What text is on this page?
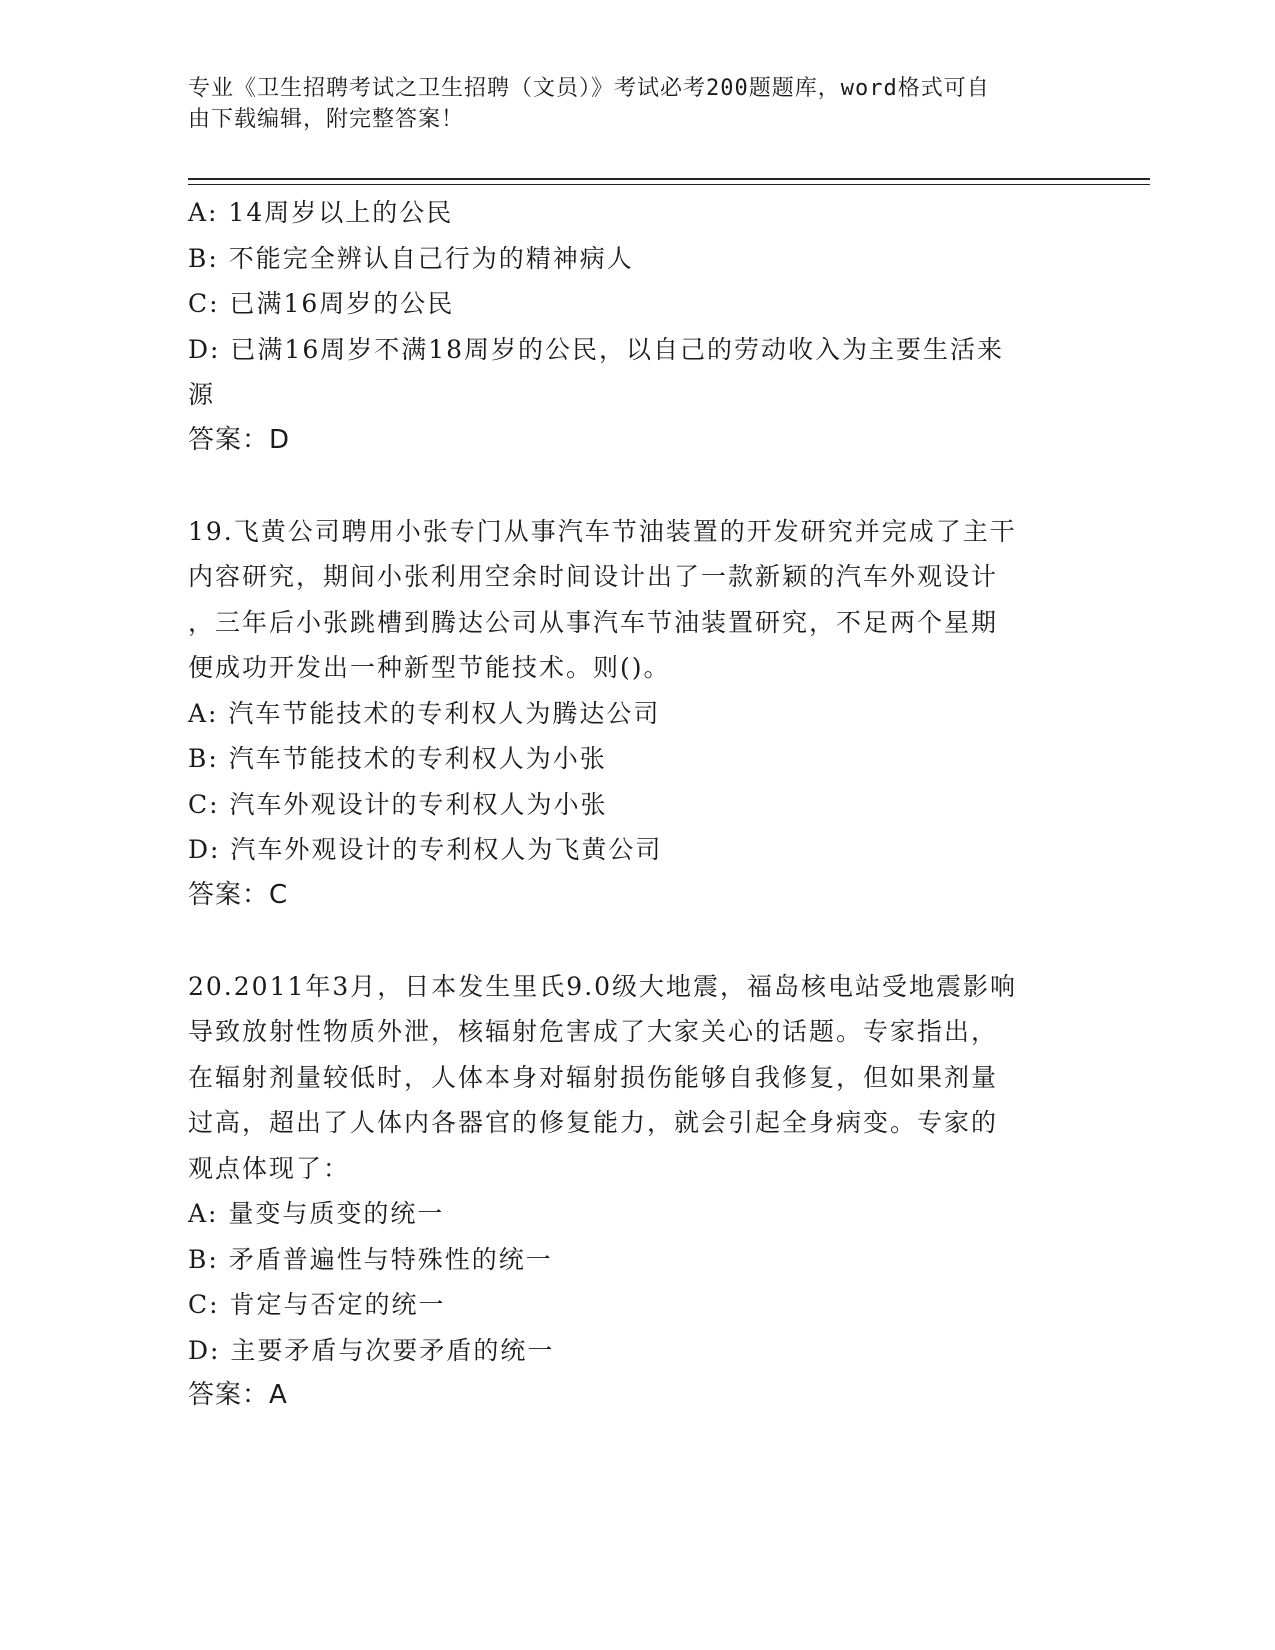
专业《卫生招聘考试之卫生招聘（文员）》考试必考200题题库，word格式可自
由下载编辑，附完整答案！

A: 14周岁以上的公民

B: 不能完全辨认自己行为的精神病人

C: 已满16周岁的公民

D: 已满16周岁不满18周岁的公民，以自己的劳动收入为主要生活来

源

答案：D

19.飞黄公司聘用小张专门从事汽车节油装置的开发研究并完成了主干

内容研究，期间小张利用空余时间设计出了一款新颖的汽车外观设计

，三年后小张跳槽到腾达公司从事汽车节油装置研究，不足两个星期

便成功开发出一种新型节能技术。则()。

A: 汽车节能技术的专利权人为腾达公司

B: 汽车节能技术的专利权人为小张

C: 汽车外观设计的专利权人为小张

D: 汽车外观设计的专利权人为飞黄公司

答案：C

20.2011年3月，日本发生里氏9.0级大地震，福岛核电站受地震影响

导致放射性物质外泄，核辐射危害成了大家关心的话题。专家指出，

在辐射剂量较低时，人体本身对辐射损伤能够自我修复，但如果剂量

过高，超出了人体内各器官的修复能力，就会引起全身病变。专家的

观点体现了：

A: 量变与质变的统一

B: 矛盾普遍性与特殊性的统一

C: 肯定与否定的统一

D: 主要矛盾与次要矛盾的统一

答案：A
